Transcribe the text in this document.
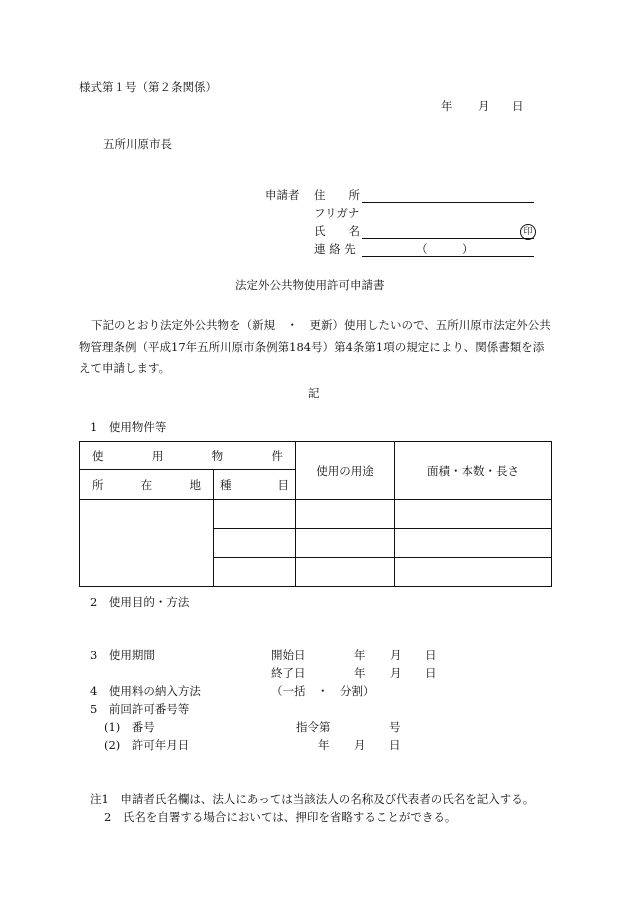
様式第１号（第２条関係）
年 月 日
五所川原市長
申請者 住　　所
フリガナ
氏　　名	印
連 絡 先	（　　　）
法定外公共物使用許可申請書
下記のとおり法定外公共物を（新規　・　更新）使用したいので、五所川原市法定外公共物管理条例（平成17年五所川原市条例第184号）第4条第1項の規定により、関係書類を添えて申請します。
記
1　使用物件等
使 用 物 件		使用の用途	面積・本数・長さ

所 在 地	種 目		

2　使用目的・方法
3　使用期間	開始日	年 月 日
終了日	年 月 日
4　使用料の納入方法	（一括　・　分割）
5　前回許可番号等
(1)　番号	指令第	号
(2)　許可年月日	年 月 日
注1　申請者氏名欄は、法人にあっては当該法人の名称及び代表者の氏名を記入する。
2　氏名を自署する場合においては、押印を省略することができる。
